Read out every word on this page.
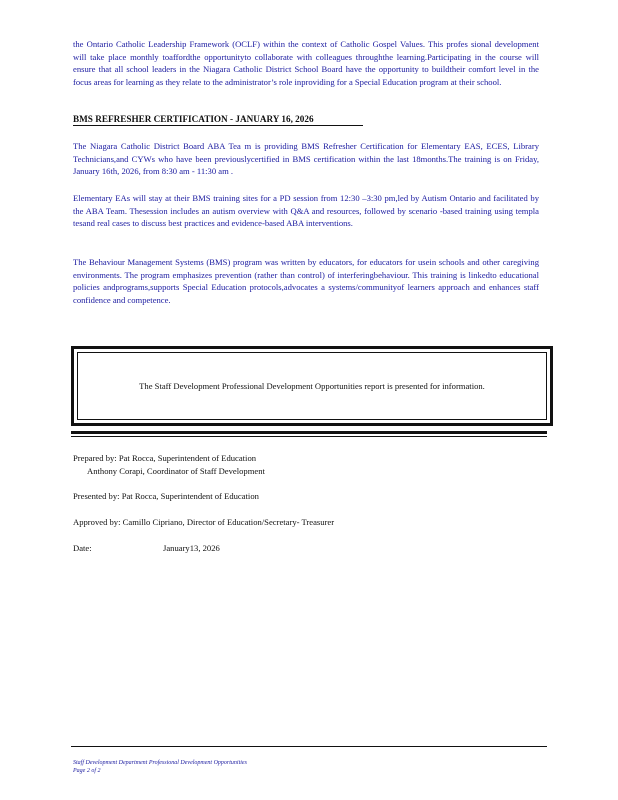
the Ontario Catholic Leadership Framework (OCLF) within the context of Catholic Gospel Values. This profes sional development will take place monthly toaffordthe opportunityto collaborate with colleagues throughthe learning.Participating in the course will ensure that all school leaders in the Niagara Catholic District School Board have the opportunity to buildtheir comfort level in the focus areas for learning as they relate to the administrator’s role inproviding for a Special Education program at their school.
BMS REFRESHER CERTIFICATION - JANUARY 16, 2026
The Niagara Catholic District Board ABA Tea m is providing BMS Refresher Certification for Elementary EAS, ECES, Library Technicians,and CYWs who have been previouslycertified in BMS certification within the last 18months.The training is on Friday, January 16th, 2026, from 8:30 am - 11:30 am .
Elementary EAs will stay at their BMS training sites for a PD session from 12:30 –3:30 pm,led by Autism Ontario and facilitated by the ABA Team. Thesession includes an autism overview with Q&A and resources, followed by scenario -based training using templa tesand real cases to discuss best practices and evidence-based ABA interventions.
The Behaviour Management Systems (BMS) program was written by educators, for educators for usein schools and other caregiving environments. The program emphasizes prevention (rather than control) of interferingbehaviour. This training is linkedto educational policies andprograms,supports Special Education protocols,advocates a systems/communityof learners approach and enhances staff confidence and competence.
The Staff Development Professional Development Opportunities report is presented for information.
Prepared by: Pat Rocca, Superintendent of Education
Anthony Corapi, Coordinator of Staff Development
Presented by: Pat Rocca, Superintendent of Education
Approved by: Camillo Cipriano, Director of Education/Secretary- Treasurer
Date:	January13, 2026
Staff Development Department Professional Development Opportunities
Page 2 of 2
